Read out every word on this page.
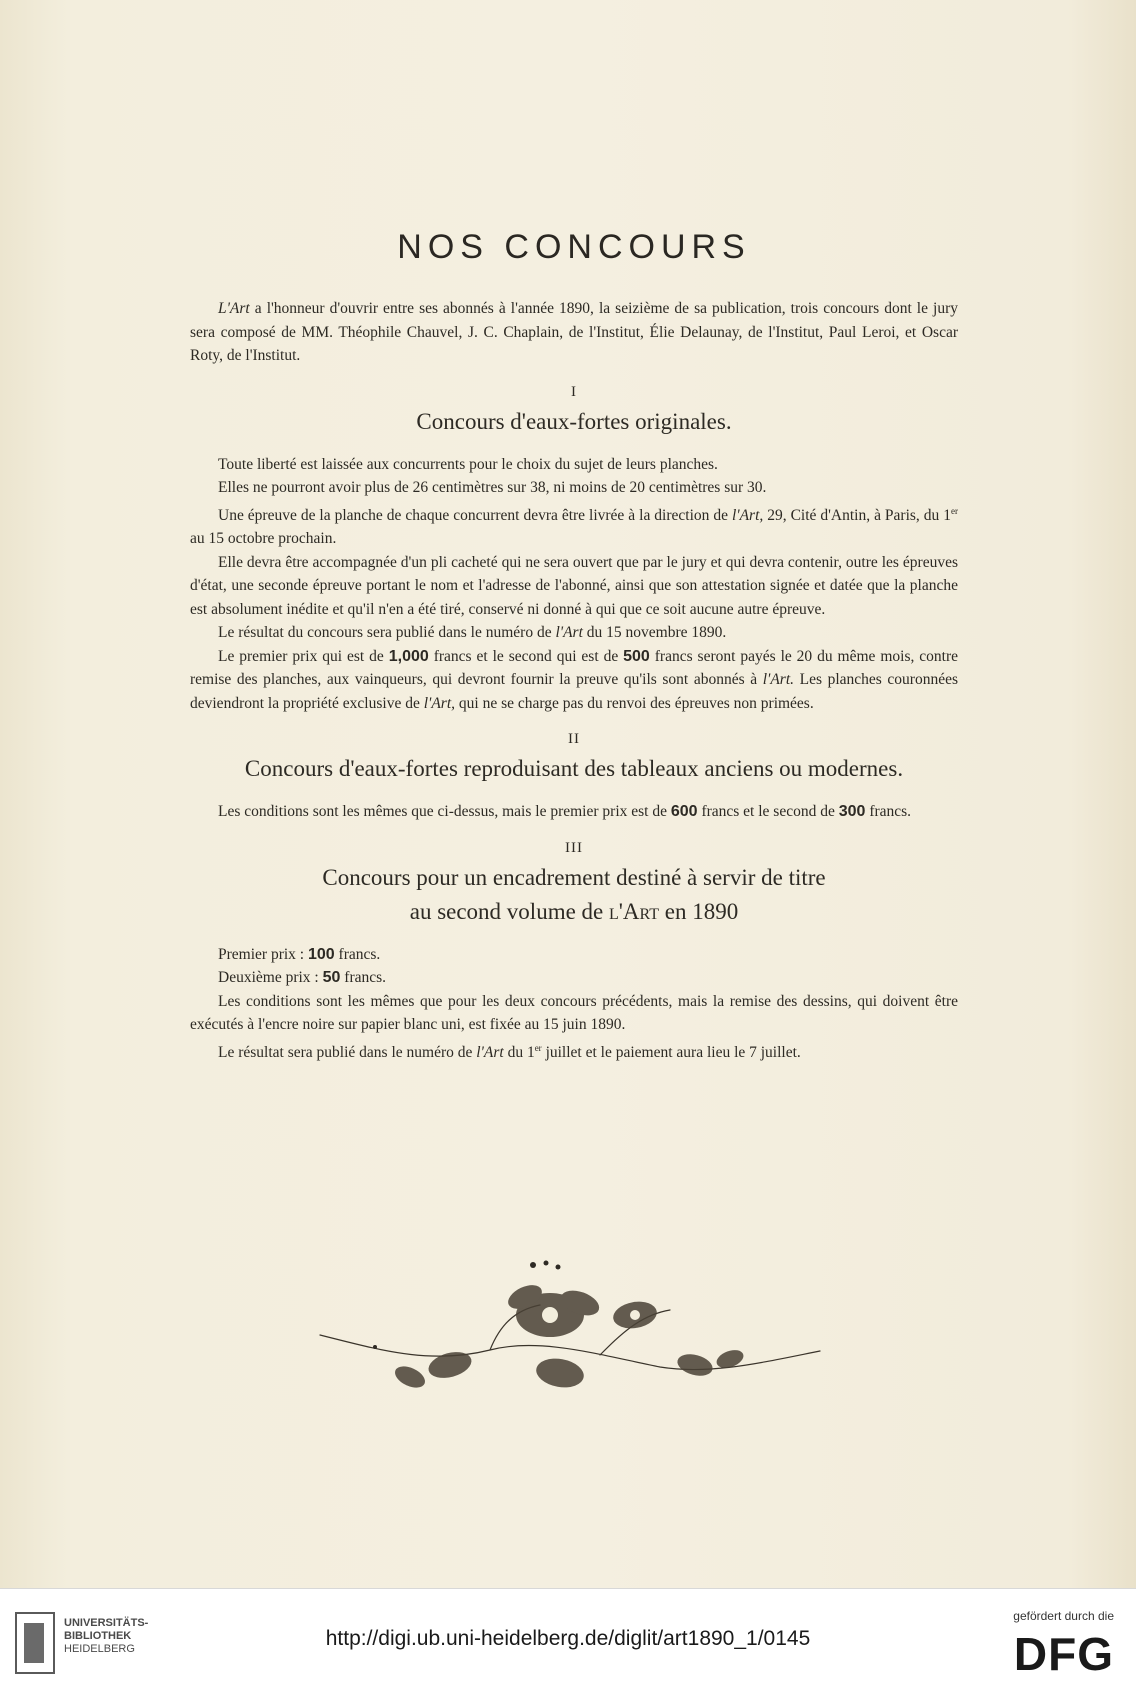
NOS CONCOURS

L'Art a l'honneur d'ouvrir entre ses abonnés à l'année 1890, la seizième de sa publication, trois concours dont le jury sera composé de MM. Théophile Chauvel, J. C. Chaplain, de l'Institut, Élie Delaunay, de l'Institut, Paul Leroi, et Oscar Roty, de l'Institut.

I
Concours d'eaux-fortes originales.

Toute liberté est laissée aux concurrents pour le choix du sujet de leurs planches.

Elles ne pourront avoir plus de 26 centimètres sur 38, ni moins de 20 centimètres sur 30.

Une épreuve de la planche de chaque concurrent devra être livrée à la direction de l'Art, 29, Cité d'Antin, à Paris, du 1er au 15 octobre prochain.

Elle devra être accompagnée d'un pli cacheté qui ne sera ouvert que par le jury et qui devra contenir, outre les épreuves d'état, une seconde épreuve portant le nom et l'adresse de l'abonné, ainsi que son attestation signée et datée que la planche est absolument inédite et qu'il n'en a été tiré, conservé ni donné à qui que ce soit aucune autre épreuve.

Le résultat du concours sera publié dans le numéro de l'Art du 15 novembre 1890.

Le premier prix qui est de 1,000 francs et le second qui est de 500 francs seront payés le 20 du même mois, contre remise des planches, aux vainqueurs, qui devront fournir la preuve qu'ils sont abonnés à l'Art. Les planches couronnées deviendront la propriété exclusive de l'Art, qui ne se charge pas du renvoi des épreuves non primées.

II
Concours d'eaux-fortes reproduisant des tableaux anciens ou modernes.

Les conditions sont les mêmes que ci-dessus, mais le premier prix est de 600 francs et le second de 300 francs.

III
Concours pour un encadrement destiné à servir de titre
au second volume de l'Art en 1890

Premier prix : 100 francs.

Deuxième prix : 50 francs.

Les conditions sont les mêmes que pour les deux concours précédents, mais la remise des dessins, qui doivent être exécutés à l'encre noire sur papier blanc uni, est fixée au 15 juin 1890.

Le résultat sera publié dans le numéro de l'Art du 1er juillet et le paiement aura lieu le 7 juillet.

UNIVERSITÄTS-
BIBLIOTHEK
HEIDELBERG	http://digi.ub.uni-heidelberg.de/diglit/art1890_1/0145
gefördert durch die
DFG
